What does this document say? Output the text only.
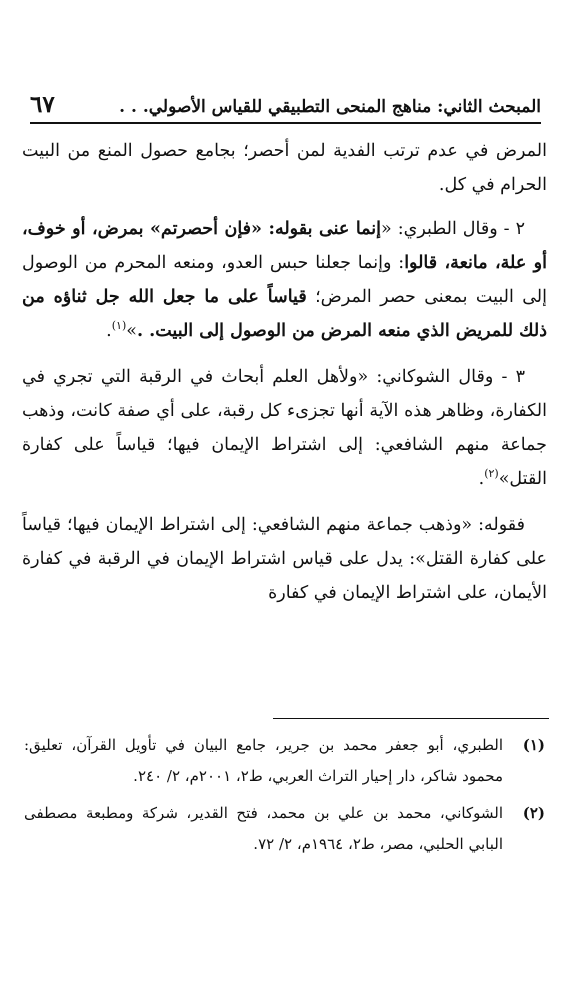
٦٧	المبحث الثاني: مناهج المنحى التطبيقي للقياس الأصولي. . .

المرض في عدم ترتب الفدية لمن أحصر؛ بجامع حصول المنع من البيت الحرام في كل.

٢ - وقال الطبري: «إنما عنى بقوله: «فإن أحصرتم» بمرض، أو خوف، أو علة، مانعة، قالوا: وإنما جعلنا حبس العدو، ومنعه المحرم من الوصول إلى البيت بمعنى حصر المرض؛ قياساً على ما جعل الله جل ثناؤه من ذلك للمريض الذي منعه المرض من الوصول إلى البيت. .»$^{(١)}$.

٣ - وقال الشوكاني: «ولأهل العلم أبحاث في الرقبة التي تجري في الكفارة، وظاهر هذه الآية أنها تجزىء كل رقبة، على أي صفة كانت، وذهب جماعة منهم الشافعي: إلى اشتراط الإيمان فيها؛ قياساً على كفارة القتل»$^{(٢)}$.

فقوله: «وذهب جماعة منهم الشافعي: إلى اشتراط الإيمان فيها؛ قياساً على كفارة القتل»: يدل على قياس اشتراط الإيمان في الرقبة في كفارة الأيمان، على اشتراط الإيمان في كفارة

(١)
الطبري، أبو جعفر محمد بن جرير، جامع البيان في تأويل القرآن، تعليق: محمود شاكر، دار إحيار التراث العربي، ط٢، ٢٠٠١م، ٢/ ٢٤٠.
(٢)
الشوكاني، محمد بن علي بن محمد، فتح القدير، شركة ومطبعة مصطفى البابي الحلبي، مصر، ط٢، ١٩٦٤م، ٢/ ٧٢.
